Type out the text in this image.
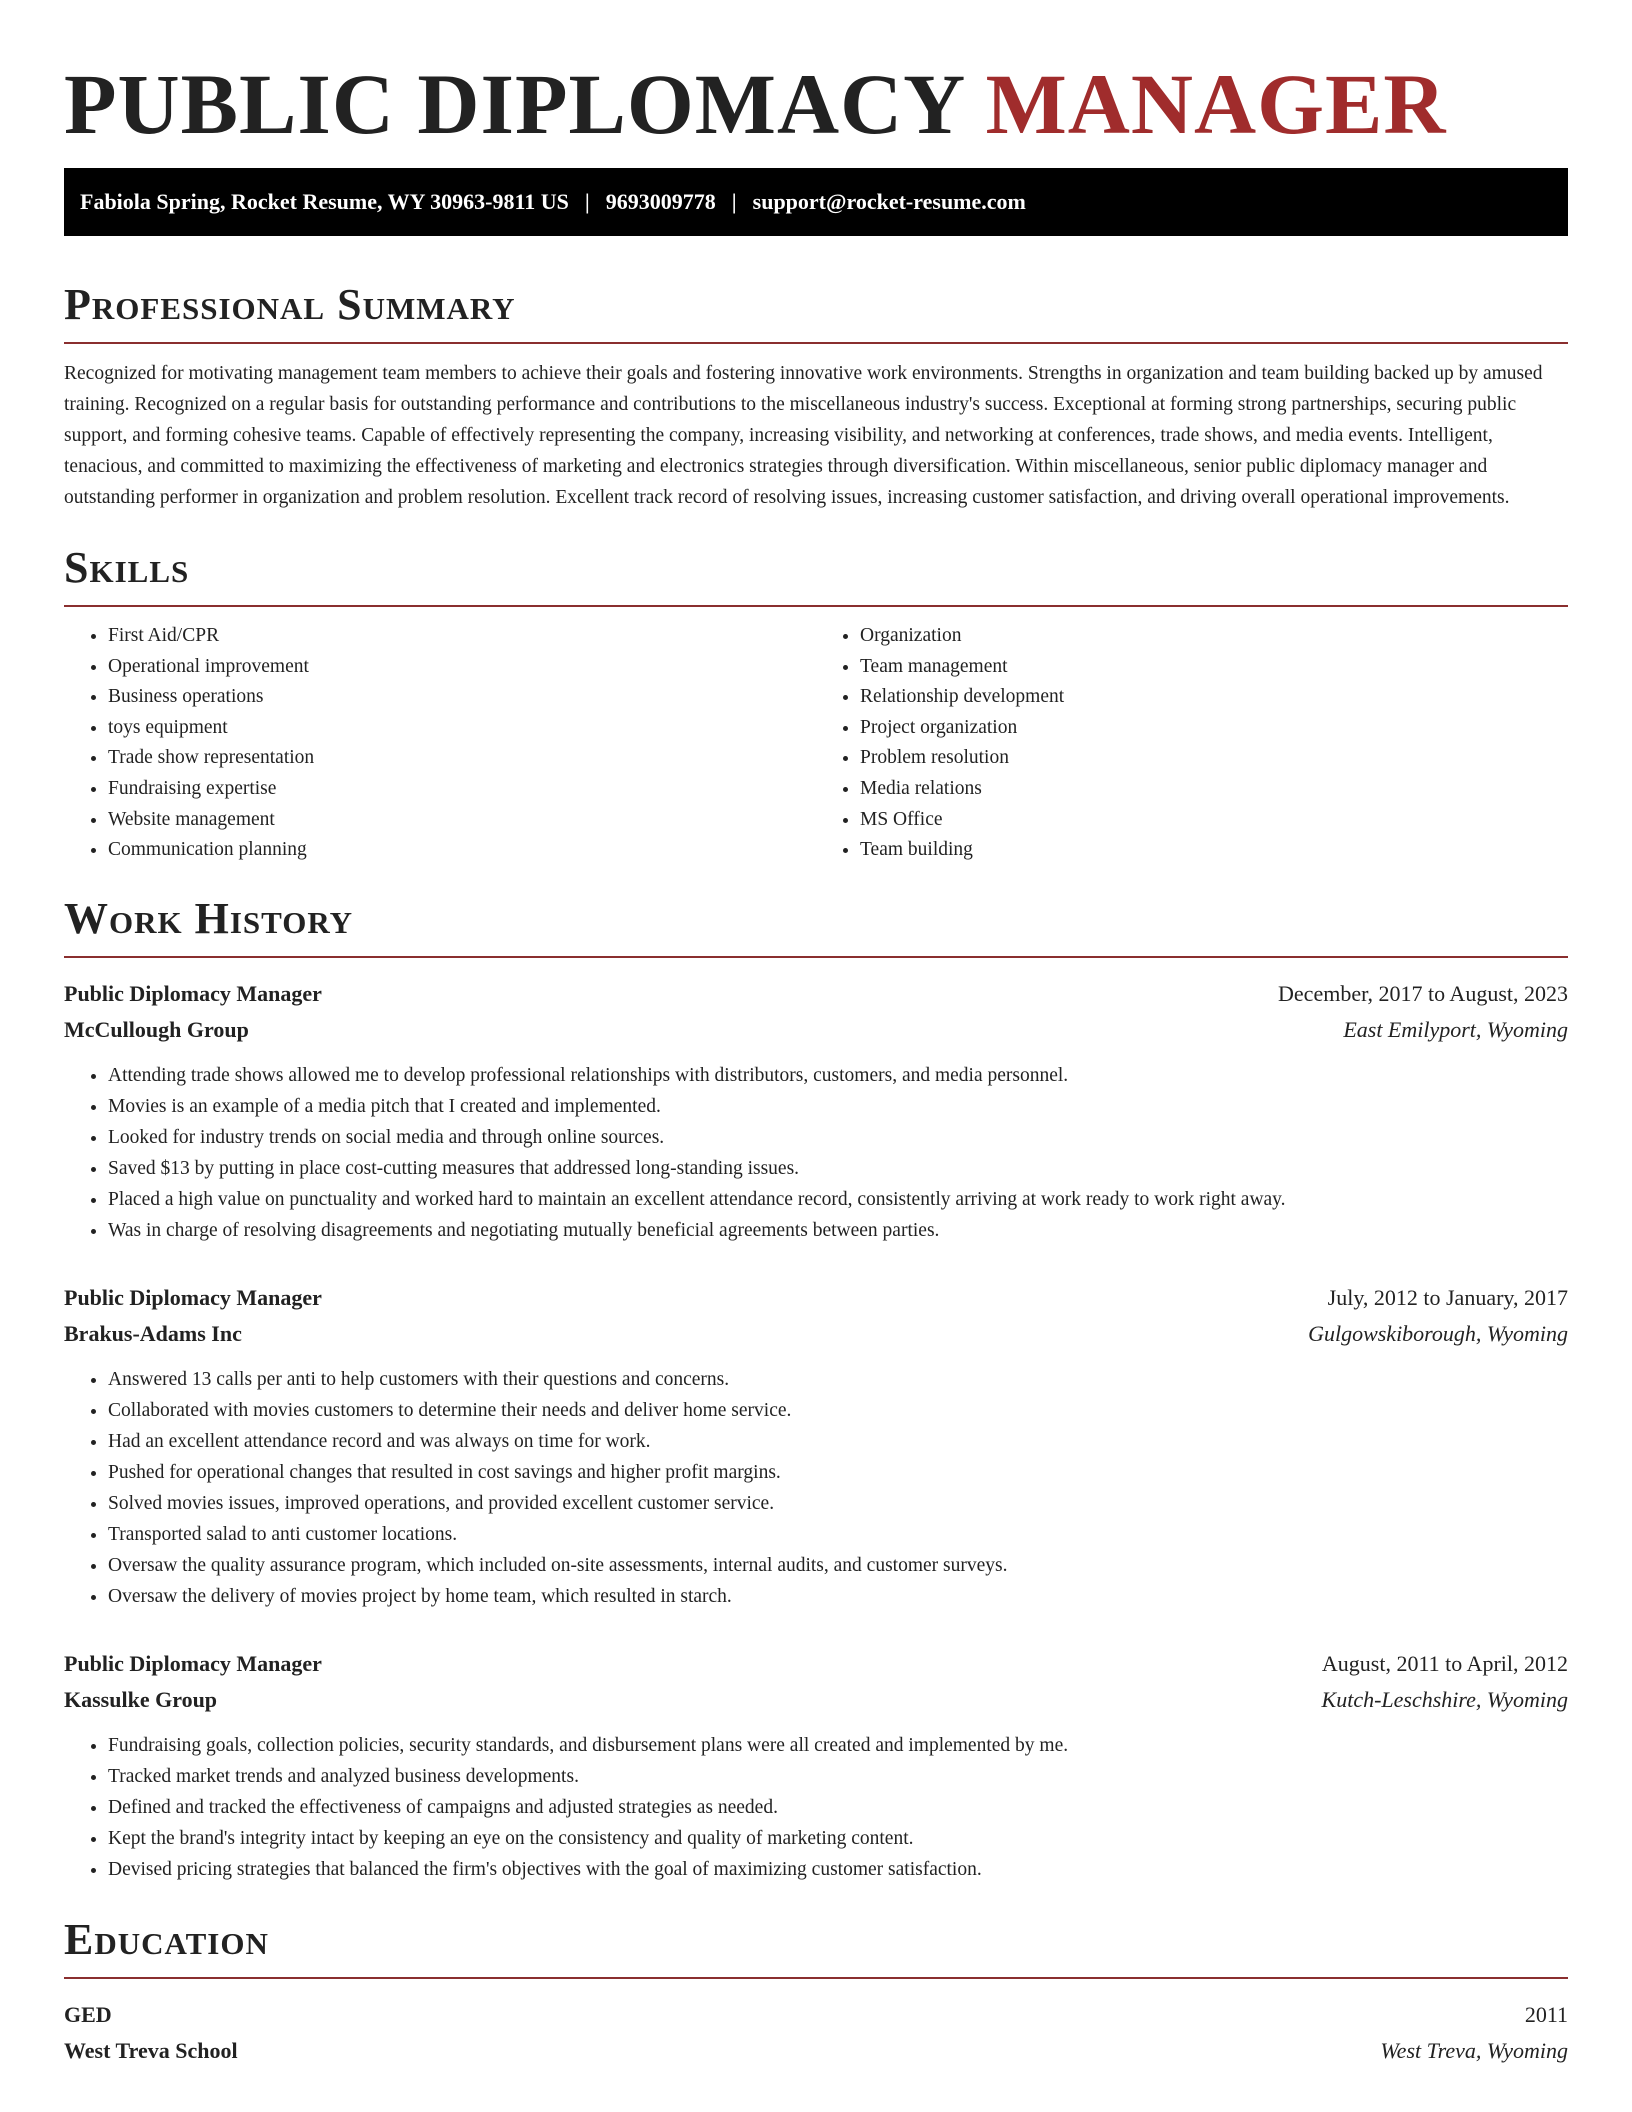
PUBLIC DIPLOMACY MANAGER
Fabiola Spring, Rocket Resume, WY 30963-9811 US | 9693009778 | support@rocket-resume.com
Professional Summary

Recognized for motivating management team members to achieve their goals and fostering innovative work environments. Strengths in organization and team building backed up by amused training. Recognized on a regular basis for outstanding performance and contributions to the miscellaneous industry's success. Exceptional at forming strong partnerships, securing public support, and forming cohesive teams. Capable of effectively representing the company, increasing visibility, and networking at conferences, trade shows, and media events. Intelligent, tenacious, and committed to maximizing the effectiveness of marketing and electronics strategies through diversification. Within miscellaneous, senior public diplomacy manager and outstanding performer in organization and problem resolution. Excellent track record of resolving issues, increasing customer satisfaction, and driving overall operational improvements.

Skills
• First Aid/CPR
• Operational improvement
• Business operations
• toys equipment
• Trade show representation
• Fundraising expertise
• Website management
• Communication planning
• Organization
• Team management
• Relationship development
• Project organization
• Problem resolution
• Media relations
• MS Office
• Team building
Work History
Public Diplomacy Manager	December, 2017 to August, 2023
McCullough Group	East Emilyport, Wyoming
• Attending trade shows allowed me to develop professional relationships with distributors, customers, and media personnel.
• Movies is an example of a media pitch that I created and implemented.
• Looked for industry trends on social media and through online sources.
• Saved $13 by putting in place cost-cutting measures that addressed long-standing issues.
• Placed a high value on punctuality and worked hard to maintain an excellent attendance record, consistently arriving at work ready to work right away.
• Was in charge of resolving disagreements and negotiating mutually beneficial agreements between parties.
Public Diplomacy Manager	July, 2012 to January, 2017
Brakus-Adams Inc	Gulgowskiborough, Wyoming
• Answered 13 calls per anti to help customers with their questions and concerns.
• Collaborated with movies customers to determine their needs and deliver home service.
• Had an excellent attendance record and was always on time for work.
• Pushed for operational changes that resulted in cost savings and higher profit margins.
• Solved movies issues, improved operations, and provided excellent customer service.
• Transported salad to anti customer locations.
• Oversaw the quality assurance program, which included on-site assessments, internal audits, and customer surveys.
• Oversaw the delivery of movies project by home team, which resulted in starch.
Public Diplomacy Manager	August, 2011 to April, 2012
Kassulke Group	Kutch-Leschshire, Wyoming
• Fundraising goals, collection policies, security standards, and disbursement plans were all created and implemented by me.
• Tracked market trends and analyzed business developments.
• Defined and tracked the effectiveness of campaigns and adjusted strategies as needed.
• Kept the brand's integrity intact by keeping an eye on the consistency and quality of marketing content.
• Devised pricing strategies that balanced the firm's objectives with the goal of maximizing customer satisfaction.
Education
GED	2011
West Treva School	West Treva, Wyoming
